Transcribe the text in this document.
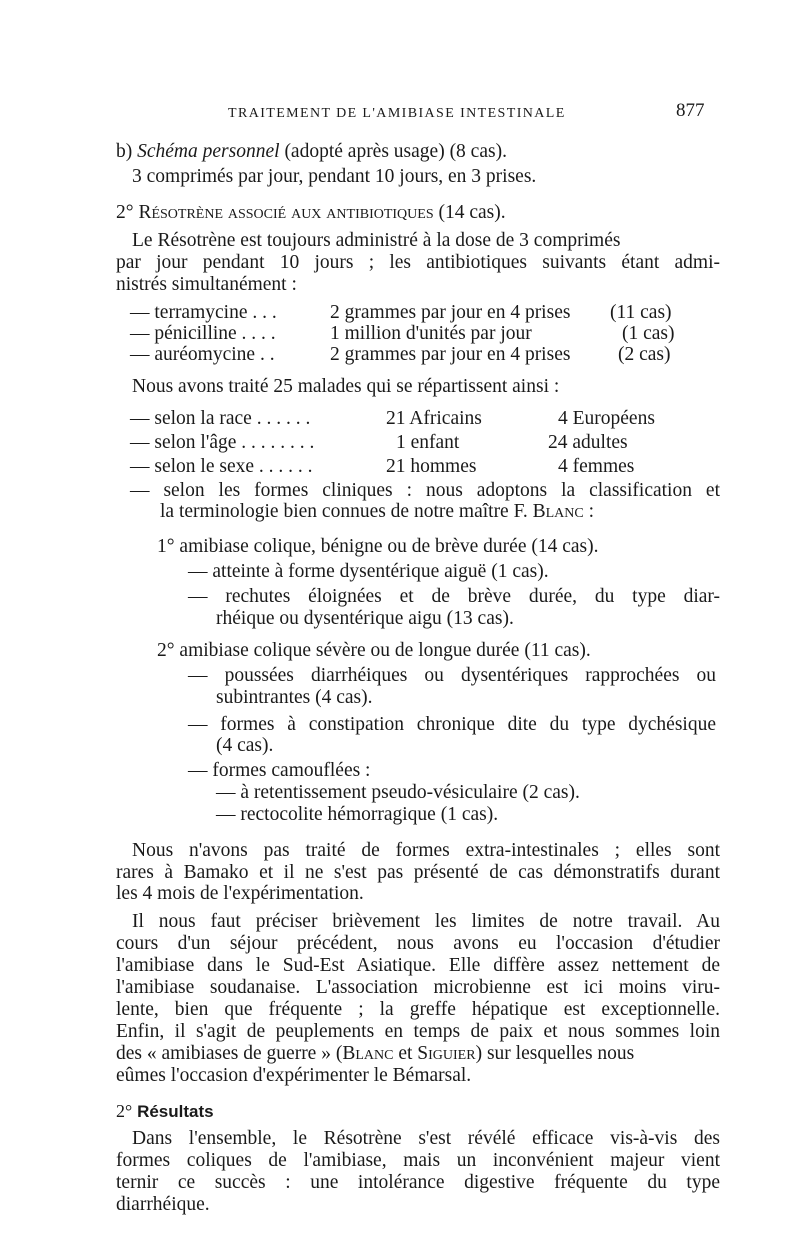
TRAITEMENT DE L'AMIBIASE INTESTINALE	877
b) Schéma personnel (adopté après usage) (8 cas).
3 comprimés par jour, pendant 10 jours, en 3 prises.
2° Résotrène associé aux antibiotiques (14 cas).
Le Résotrène est toujours administré à la dose de 3 comprimés
par jour pendant 10 jours ; les antibiotiques suivants étant admi-
nistrés simultanément :
— terramycine . . .	2 grammes par jour en 4 prises (11 cas)
— pénicilline . . . .	1 million d'unités par jour	(1 cas)
— auréomycine . .	2 grammes par jour en 4 prises (2 cas)
Nous avons traité 25 malades qui se répartissent ainsi :
— selon la race . . . . . .	21 Africains	4 Européens
— selon l'âge . . . . . . . .	1 enfant	24 adultes
— selon le sexe . . . . . .	21 hommes	4 femmes
— selon les formes cliniques : nous adoptons la classification et
la terminologie bien connues de notre maître F. Blanc :
1° amibiase colique, bénigne ou de brève durée (14 cas).
— atteinte à forme dysentérique aiguë (1 cas).
— rechutes éloignées et de brève durée, du type diar-
rhéique ou dysentérique aigu (13 cas).
2° amibiase colique sévère ou de longue durée (11 cas).
— poussées diarrhéiques ou dysentériques rapprochées ou
subintrantes (4 cas).
— formes à constipation chronique dite du type dychésique
(4 cas).
— formes camouflées :
— à retentissement pseudo-vésiculaire (2 cas).
— rectocolite hémorragique (1 cas).
Nous n'avons pas traité de formes extra-intestinales ; elles sont
rares à Bamako et il ne s'est pas présenté de cas démonstratifs durant
les 4 mois de l'expérimentation.
Il nous faut préciser brièvement les limites de notre travail. Au
cours d'un séjour précédent, nous avons eu l'occasion d'étudier
l'amibiase dans le Sud-Est Asiatique. Elle diffère assez nettement de
l'amibiase soudanaise. L'association microbienne est ici moins viru-
lente, bien que fréquente ; la greffe hépatique est exceptionnelle.
Enfin, il s'agit de peuplements en temps de paix et nous sommes loin
des « amibiases de guerre » (Blanc et Siguier) sur lesquelles nous
eûmes l'occasion d'expérimenter le Bémarsal.
2° Résultats
Dans l'ensemble, le Résotrène s'est révélé efficace vis-à-vis des
formes coliques de l'amibiase, mais un inconvénient majeur vient
ternir ce succès : une intolérance digestive fréquente du type
diarrhéique.
